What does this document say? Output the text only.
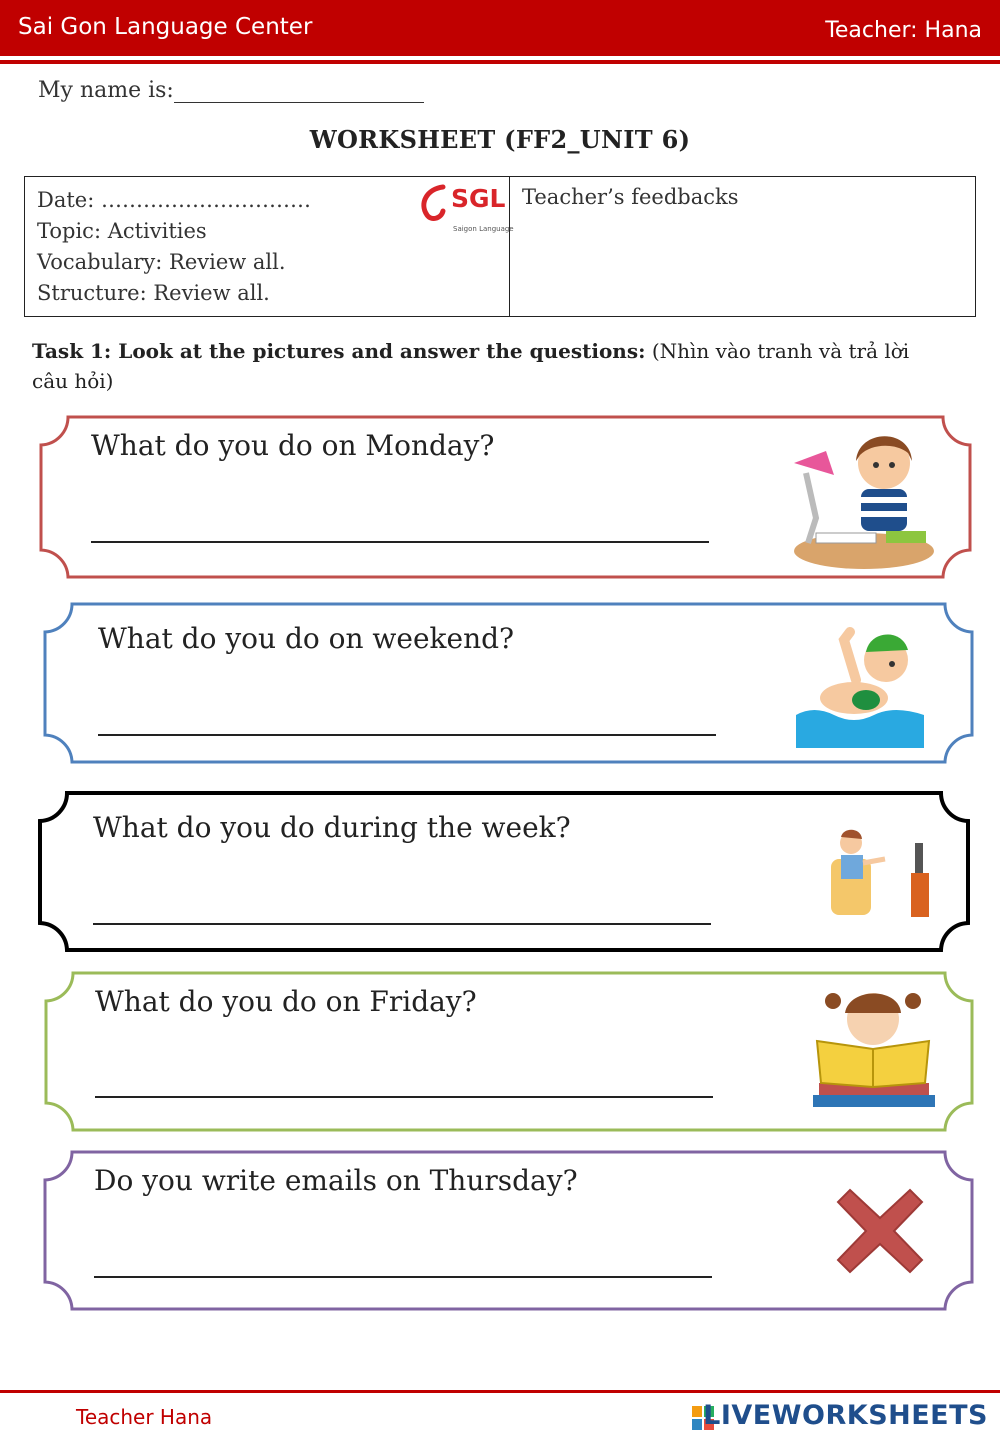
Sai Gon Language Center	Teacher: Hana
My name is:
WORKSHEET (FF2_UNIT 6)
Date: …………………………
Topic: Activities
Vocabulary: Review all.
Structure: Review all.
SGL
Saigon Language
Teacher’s feedbacks
Task 1: Look at the pictures and answer the questions: (Nhìn vào tranh và trả lời câu hỏi)
What do you do on Monday?
What do you do on weekend?
What do you do during the week?
What do you do on Friday?
Do you write emails on Thursday?
Teacher Hana	LIVEWORKSHEETS
